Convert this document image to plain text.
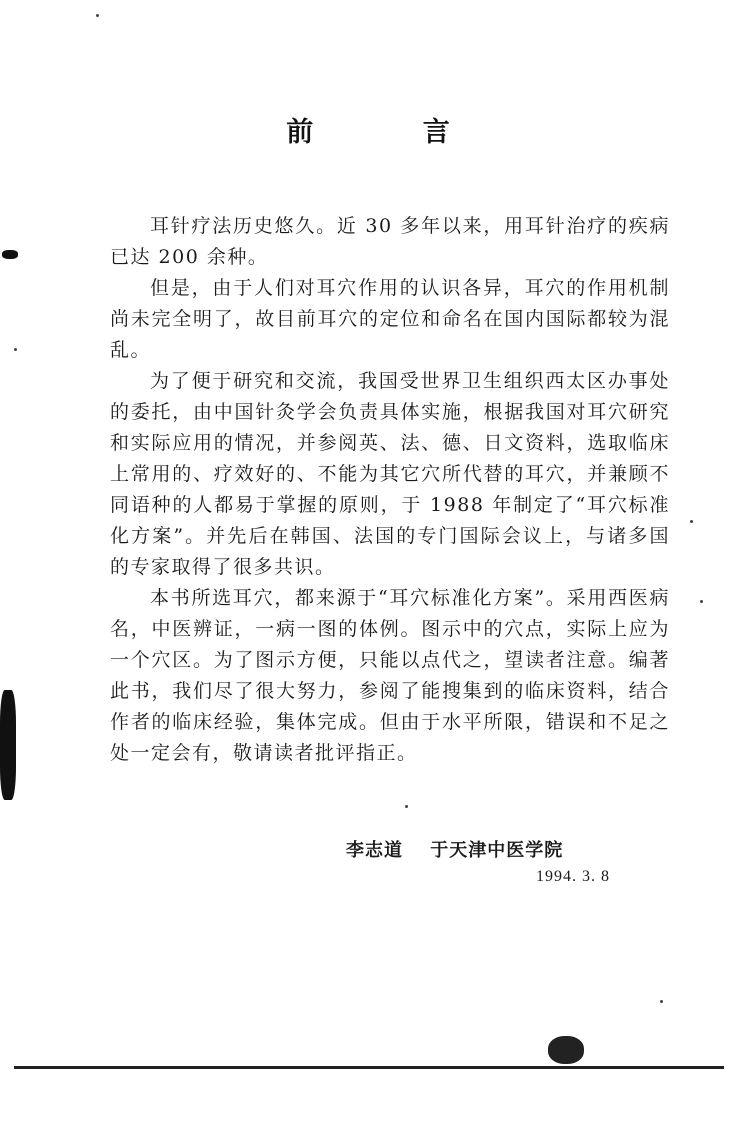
前 言

耳针疗法历史悠久。近 30 多年以来，用耳针治疗的疾病已达 200 余种。

但是，由于人们对耳穴作用的认识各异，耳穴的作用机制尚未完全明了，故目前耳穴的定位和命名在国内国际都较为混乱。

为了便于研究和交流，我国受世界卫生组织西太区办事处的委托，由中国针灸学会负责具体实施，根据我国对耳穴研究和实际应用的情况，并参阅英、法、德、日文资料，选取临床上常用的、疗效好的、不能为其它穴所代替的耳穴，并兼顾不同语种的人都易于掌握的原则，于 1988 年制定了“耳穴标准化方案”。并先后在韩国、法国的专门国际会议上，与诸多国的专家取得了很多共识。

本书所选耳穴，都来源于“耳穴标准化方案”。采用西医病名，中医辨证，一病一图的体例。图示中的穴点，实际上应为一个穴区。为了图示方便，只能以点代之，望读者注意。编著此书，我们尽了很大努力，参阅了能搜集到的临床资料，结合作者的临床经验，集体完成。但由于水平所限，错误和不足之处一定会有，敬请读者批评指正。

李志道 于天津中医学院
1994. 3. 8
